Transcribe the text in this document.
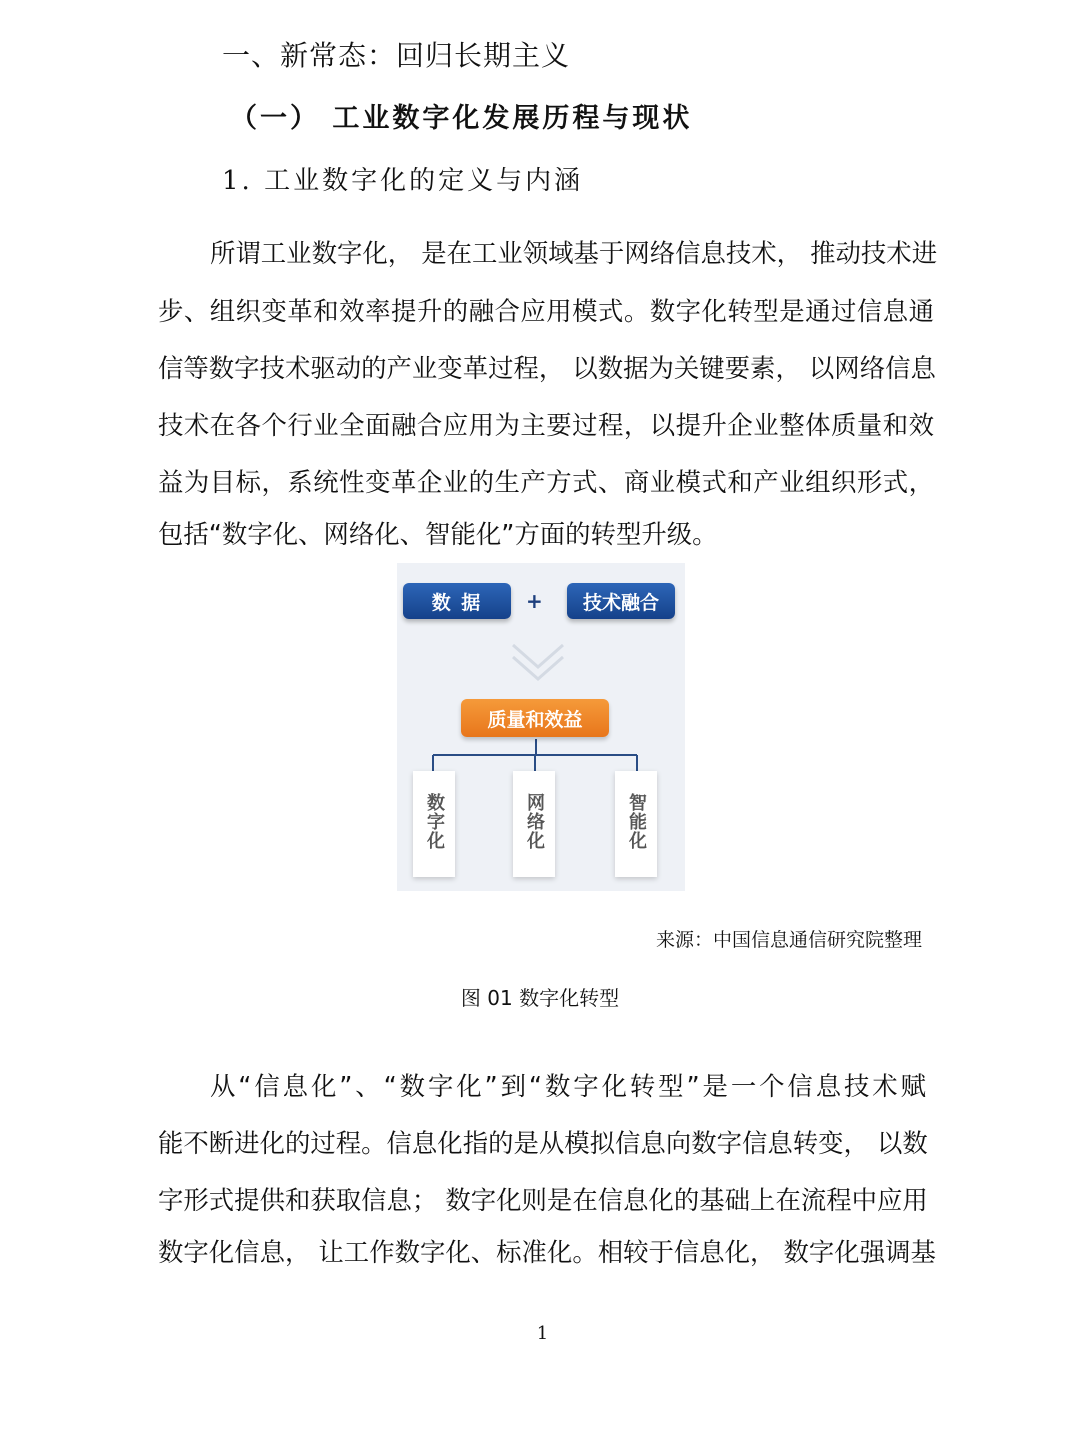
一、新常态：回归长期主义
（一） 工业数字化发展历程与现状
1. 工业数字化的定义与内涵
所谓工业数字化， 是在工业领域基于网络信息技术， 推动技术进
步、组织变革和效率提升的融合应用模式。数字化转型是通过信息通
信等数字技术驱动的产业变革过程， 以数据为关键要素， 以网络信息
技术在各个行业全面融合应用为主要过程，以提升企业整体质量和效
益为目标，系统性变革企业的生产方式、商业模式和产业组织形式，
包括“数字化、网络化、智能化”方面的转型升级。
数 据	+	技术融合
质量和效益
数字化	网络化	智能化
来源：中国信息通信研究院整理
图 01 数字化转型
从“信息化”、“数字化”到“数字化转型”是一个信息技术赋
能不断进化的过程。信息化指的是从模拟信息向数字信息转变， 以数
字形式提供和获取信息； 数字化则是在信息化的基础上在流程中应用
数字化信息， 让工作数字化、标准化。相较于信息化， 数字化强调基
1
